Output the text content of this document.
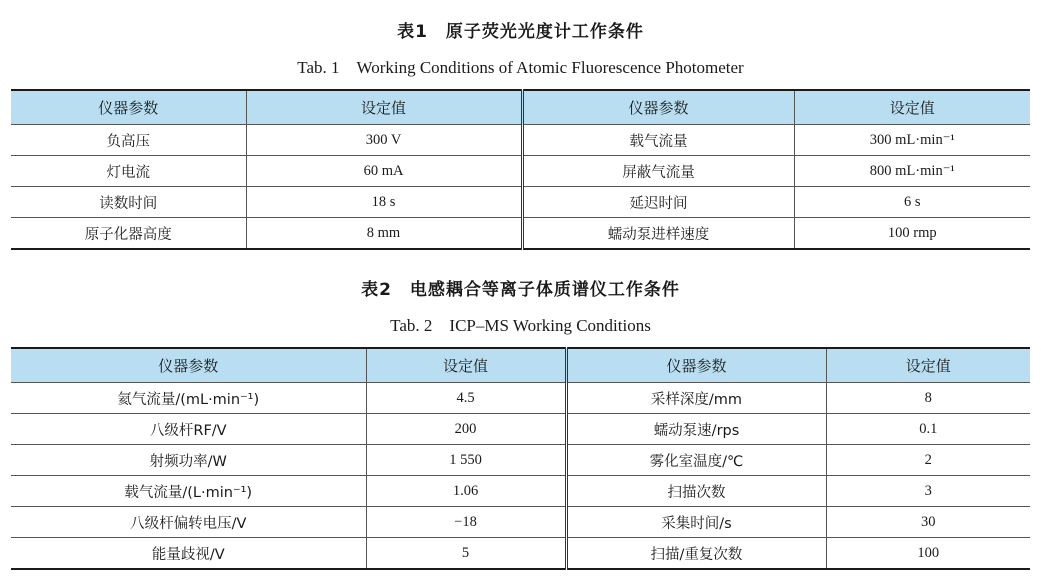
表1　原子荧光光度计工作条件
Tab. 1　Working Conditions of Atomic Fluorescence Photometer
仪器参数	设定值	仪器参数	设定值
负高压	300 V	载气流量	300 mL·min⁻¹
灯电流	60 mA	屏蔽气流量	800 mL·min⁻¹
读数时间	18 s	延迟时间	6 s
原子化器高度	8 mm	蠕动泵进样速度	100 rmp
表2　电感耦合等离子体质谱仪工作条件
Tab. 2　ICP–MS Working Conditions
仪器参数	设定值	仪器参数	设定值
氦气流量/(mL·min⁻¹)	4.5	采样深度/mm	8
八级杆RF/V	200	蠕动泵速/rps	0.1
射频功率/W	1 550	雾化室温度/℃	2
载气流量/(L·min⁻¹)	1.06	扫描次数	3
八级杆偏转电压/V	−18	采集时间/s	30
能量歧视/V	5	扫描/重复次数	100
